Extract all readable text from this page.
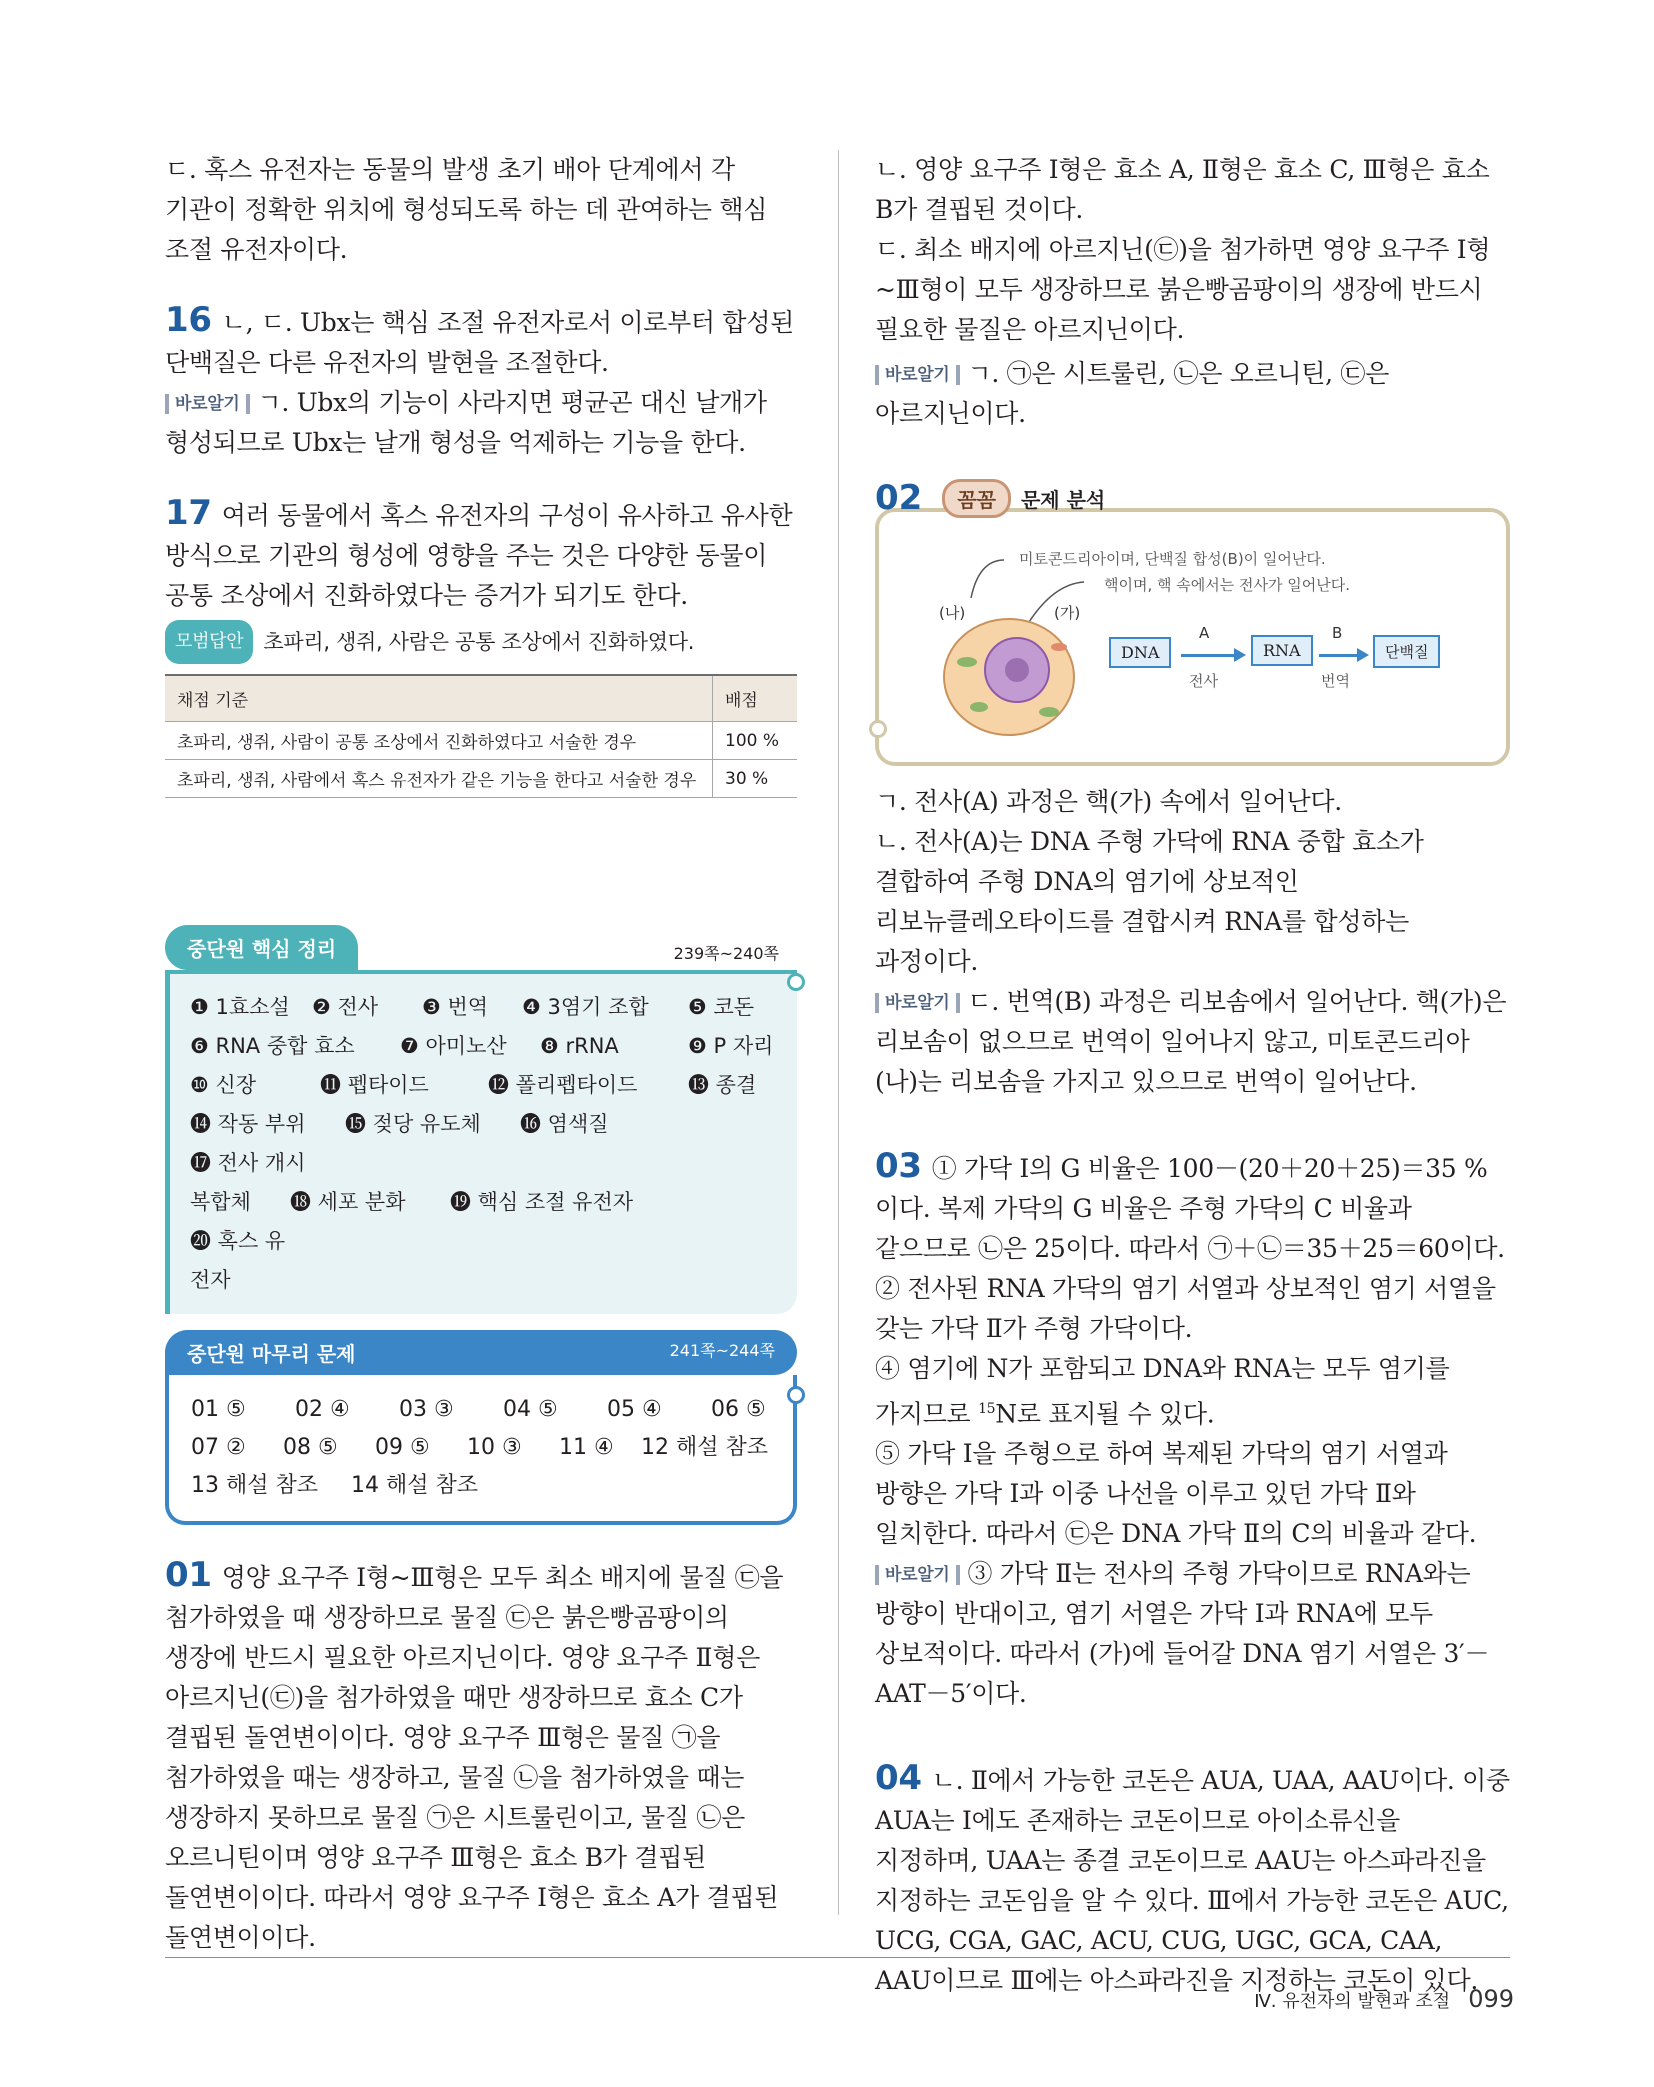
ㄷ. 혹스 유전자는 동물의 발생 초기 배아 단계에서 각 기관이 정확한 위치에 형성되도록 하는 데 관여하는 핵심 조절 유전자이다.

16 ㄴ, ㄷ. Ubx는 핵심 조절 유전자로서 이로부터 합성된 단백질은 다른 유전자의 발현을 조절한다.

바로알기 ㄱ. Ubx의 기능이 사라지면 평균곤 대신 날개가 형성되므로 Ubx는 날개 형성을 억제하는 기능을 한다.

17 여러 동물에서 혹스 유전자의 구성이 유사하고 유사한 방식으로 기관의 형성에 영향을 주는 것은 다양한 동물이 공통 조상에서 진화하였다는 증거가 되기도 한다.

모범답안 초파리, 생쥐, 사람은 공통 조상에서 진화하였다.

채점 기준	배점
초파리, 생쥐, 사람이 공통 조상에서 진화하였다고 서술한 경우	100 %
초파리, 생쥐, 사람에서 혹스 유전자가 같은 기능을 한다고 서술한 경우	30 %
중단원 핵심 정리	239쪽~240쪽
❶ 1효소설 ❷ 전사 ❸ 번역 ❹ 3염기 조합 ❺ 코돈
❻ RNA 중합 효소 ❼ 아미노산 ❽ rRNA	❾ P 자리
❿ 신장	⓫ 펩타이드	⓬ 폴리펩타이드 ⓭ 종결
⓮ 작동 부위 ⓯ 젖당 유도체 ⓰ 염색질⓱ 전사 개시
복합체 ⓲ 세포 분화 ⓳ 핵심 조절 유전자⓴ 혹스 유
전자
중단원 마무리 문제	241쪽~244쪽
01 ⑤ 02 ④ 03 ③ 04 ⑤ 05 ④ 06 ⑤
07 ② 08 ⑤ 09 ⑤ 10 ③ 11 ④ 12 해설 참조
13 해설 참조 14 해설 참조

01 영양 요구주 Ⅰ형~Ⅲ형은 모두 최소 배지에 물질 ㉢을 첨가하였을 때 생장하므로 물질 ㉢은 붉은빵곰팡이의 생장에 반드시 필요한 아르지닌이다. 영양 요구주 Ⅱ형은 아르지닌(㉢)을 첨가하였을 때만 생장하므로 효소 C가 결핍된 돌연변이이다. 영양 요구주 Ⅲ형은 물질 ㉠을 첨가하였을 때는 생장하고, 물질 ㉡을 첨가하였을 때는 생장하지 못하므로 물질 ㉠은 시트룰린이고, 물질 ㉡은 오르니틴이며 영양 요구주 Ⅲ형은 효소 B가 결핍된 돌연변이이다. 따라서 영양 요구주 Ⅰ형은 효소 A가 결핍된 돌연변이이다.

ㄴ. 영양 요구주 Ⅰ형은 효소 A, Ⅱ형은 효소 C, Ⅲ형은 효소 B가 결핍된 것이다.

ㄷ. 최소 배지에 아르지닌(㉢)을 첨가하면 영양 요구주 Ⅰ형~Ⅲ형이 모두 생장하므로 붉은빵곰팡이의 생장에 반드시 필요한 물질은 아르지닌이다.

바로알기 ㄱ. ㉠은 시트룰린, ㉡은 오르니틴, ㉢은 아르지닌이다.

02	꼼꼼	문제 분석
미토콘드리아이며, 단백질 합성(B)이 일어난다.
핵이며, 핵 속에서는 전사가 일어난다.
(나)	(가)
DNA
A
전사
RNA
B
번역
단백질

ㄱ. 전사(A) 과정은 핵(가) 속에서 일어난다.

ㄴ. 전사(A)는 DNA 주형 가닥에 RNA 중합 효소가 결합하여 주형 DNA의 염기에 상보적인 리보뉴클레오타이드를 결합시켜 RNA를 합성하는 과정이다.

바로알기 ㄷ. 번역(B) 과정은 리보솜에서 일어난다. 핵(가)은 리보솜이 없으므로 번역이 일어나지 않고, 미토콘드리아(나)는 리보솜을 가지고 있으므로 번역이 일어난다.

03 ① 가닥 Ⅰ의 G 비율은 100－(20＋20＋25)＝35 %이다. 복제 가닥의 G 비율은 주형 가닥의 C 비율과 같으므로 ㉡은 25이다. 따라서 ㉠＋㉡＝35＋25＝60이다.

② 전사된 RNA 가닥의 염기 서열과 상보적인 염기 서열을 갖는 가닥 Ⅱ가 주형 가닥이다.

④ 염기에 N가 포함되고 DNA와 RNA는 모두 염기를 가지므로 $^{15}$N로 표지될 수 있다.

⑤ 가닥 Ⅰ을 주형으로 하여 복제된 가닥의 염기 서열과 방향은 가닥 Ⅰ과 이중 나선을 이루고 있던 가닥 Ⅱ와 일치한다. 따라서 ㉢은 DNA 가닥 Ⅱ의 C의 비율과 같다.

바로알기 ③ 가닥 Ⅱ는 전사의 주형 가닥이므로 RNA와는 방향이 반대이고, 염기 서열은 가닥 Ⅰ과 RNA에 모두 상보적이다. 따라서 (가)에 들어갈 DNA 염기 서열은 3′－AAT－5′이다.

04 ㄴ. Ⅱ에서 가능한 코돈은 AUA, UAA, AAU이다. 이중 AUA는 Ⅰ에도 존재하는 코돈이므로 아이소류신을 지정하며, UAA는 종결 코돈이므로 AAU는 아스파라진을 지정하는 코돈임을 알 수 있다. Ⅲ에서 가능한 코돈은 AUC, UCG, CGA, GAC, ACU, CUG, UGC, GCA, CAA, AAU이므로 Ⅲ에는 아스파라진을 지정하는 코돈이 있다.

Ⅳ. 유전자의 발현과 조절 099
